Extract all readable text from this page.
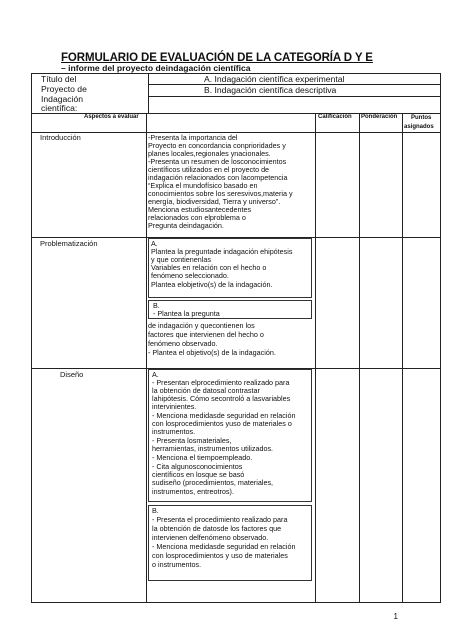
FORMULARIO DE EVALUACIÓN DE LA CATEGORÍA D Y E
– informe del proyecto deindagación científica
Título del
Proyecto de
Indagación
científica:
A. Indagación científica experimental
B. Indagación científica descriptiva
Aspectos a evaluar	Calificación Ponderación Puntos
asignados
Introducción	-Presenta la importancia del
Proyecto en concordancia conprioridades y
planes locales,regionales ynacionales.
-Presenta un resumen de losconocimientos
científicos utilizados en el proyecto de
indagación relacionados con lacompetencia
“Explica el mundofísico basado en
conocimientos sobre los seresvivos,materia y
energía, biodiversidad, Tierra y universo”.
Menciona estudiosantecedentes
relacionados con elproblema o
Pregunta deindagación.
Problematización	A.
Plantea la preguntade indagación ehipótesis
y que contienenlas
Variables en relación con el hecho o
fenómeno seleccionado.
Plantea elobjetivo(s) de la indagación.
B.
- Plantea la pregunta
de indagación y quecontienen los
factores que intervienen del hecho o
fenómeno observado.
- Plantea el objetivo(s) de la indagación.
Diseño	A.
- Presentan elprocedimiento realizado para
la obtención de datosal contrastar
lahipótesis. Cómo secontroló a lasvariables
intervinientes.
- Menciona medidasde seguridad en relación
con losprocedimientos yuso de materiales o
instrumentos.
- Presenta losmateriales,
herramientas, instrumentos utilizados.
- Menciona el tiempoempleado.
- Cita algunosconocimientos
científicos en losque se basó
sudiseño (procedimientos, materiales,
instrumentos, entreotros).
B.
- Presenta el procedimiento realizado para
la obtención de datosde los factores que
intervienen delfenómeno observado.
- Menciona medidasde seguridad en relación
con losprocedimientos y uso de materiales
o instrumentos.
1
